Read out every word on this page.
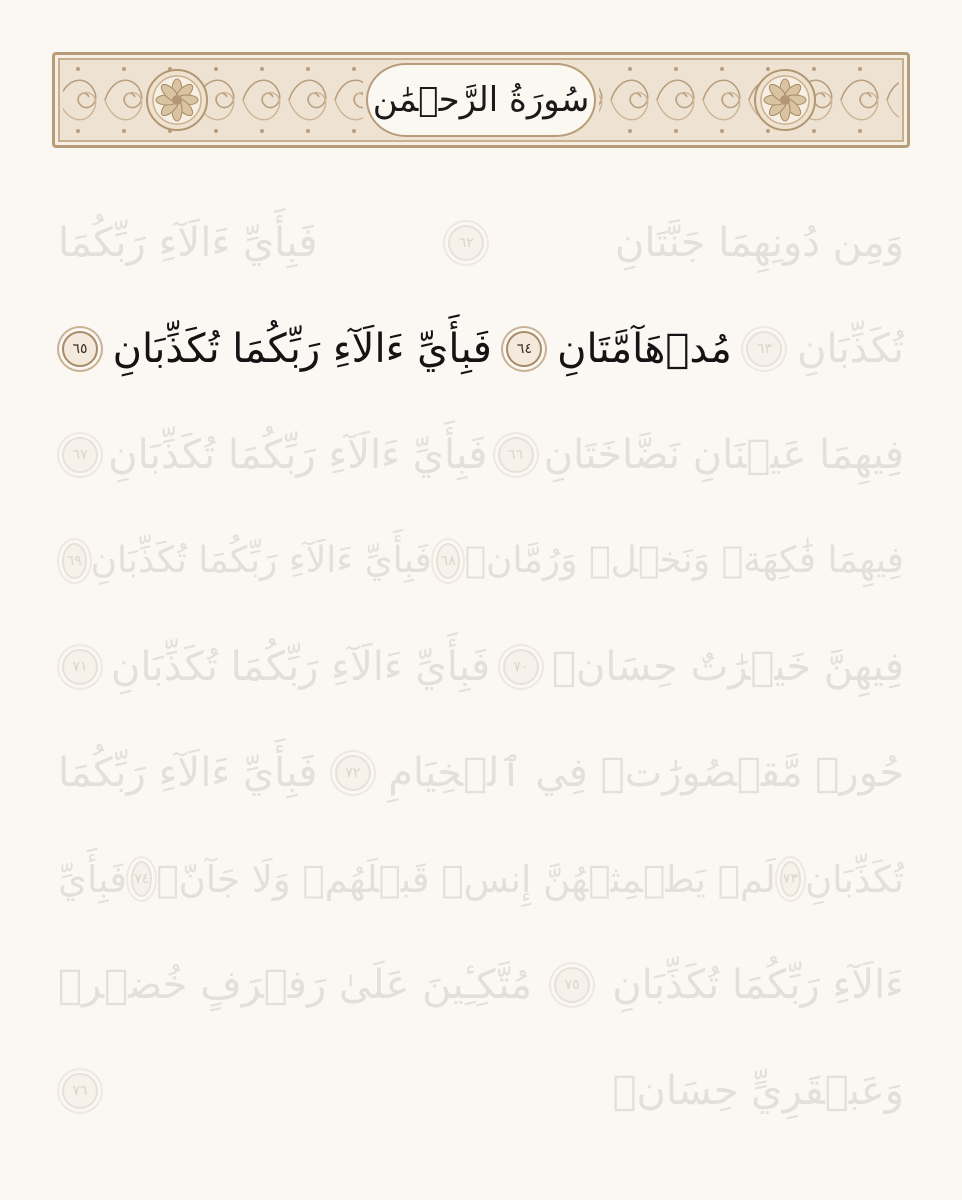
سُورَةُ الرَّحۡمَٰن
وَمِن دُونِهِمَا جَنَّتَانِ
٦٢
فَبِأَيِّ ءَالَآءِ رَبِّكُمَا
تُكَذِّبَانِ
٦٣
مُدۡهَآمَّتَانِ
٦٤
فَبِأَيِّ ءَالَآءِ رَبِّكُمَا تُكَذِّبَانِ
٦٥
فِيهِمَا عَيۡنَانِ نَضَّاخَتَانِ
٦٦
فَبِأَيِّ ءَالَآءِ رَبِّكُمَا تُكَذِّبَانِ
٦٧
فِيهِمَا فَٰكِهَةٞ وَنَخۡلٞ وَرُمَّانٞ
٦٨
فَبِأَيِّ ءَالَآءِ رَبِّكُمَا تُكَذِّبَانِ
٦٩
فِيهِنَّ خَيۡرَٰتٌ حِسَانٞ
٧٠
فَبِأَيِّ ءَالَآءِ رَبِّكُمَا تُكَذِّبَانِ
٧١
حُورٞ مَّقۡصُورَٰتٞ فِي ٱلۡخِيَامِ
٧٢
فَبِأَيِّ ءَالَآءِ رَبِّكُمَا
تُكَذِّبَانِ
٧٣
لَمۡ يَطۡمِثۡهُنَّ إِنسٞ قَبۡلَهُمۡ وَلَا جَآنّٞ
٧٤
فَبِأَيِّ
ءَالَآءِ رَبِّكُمَا تُكَذِّبَانِ
٧٥
مُتَّكِـِٔينَ عَلَىٰ رَفۡرَفٍ خُضۡرٖ
وَعَبۡقَرِيٍّ حِسَانٖ
٧٦
